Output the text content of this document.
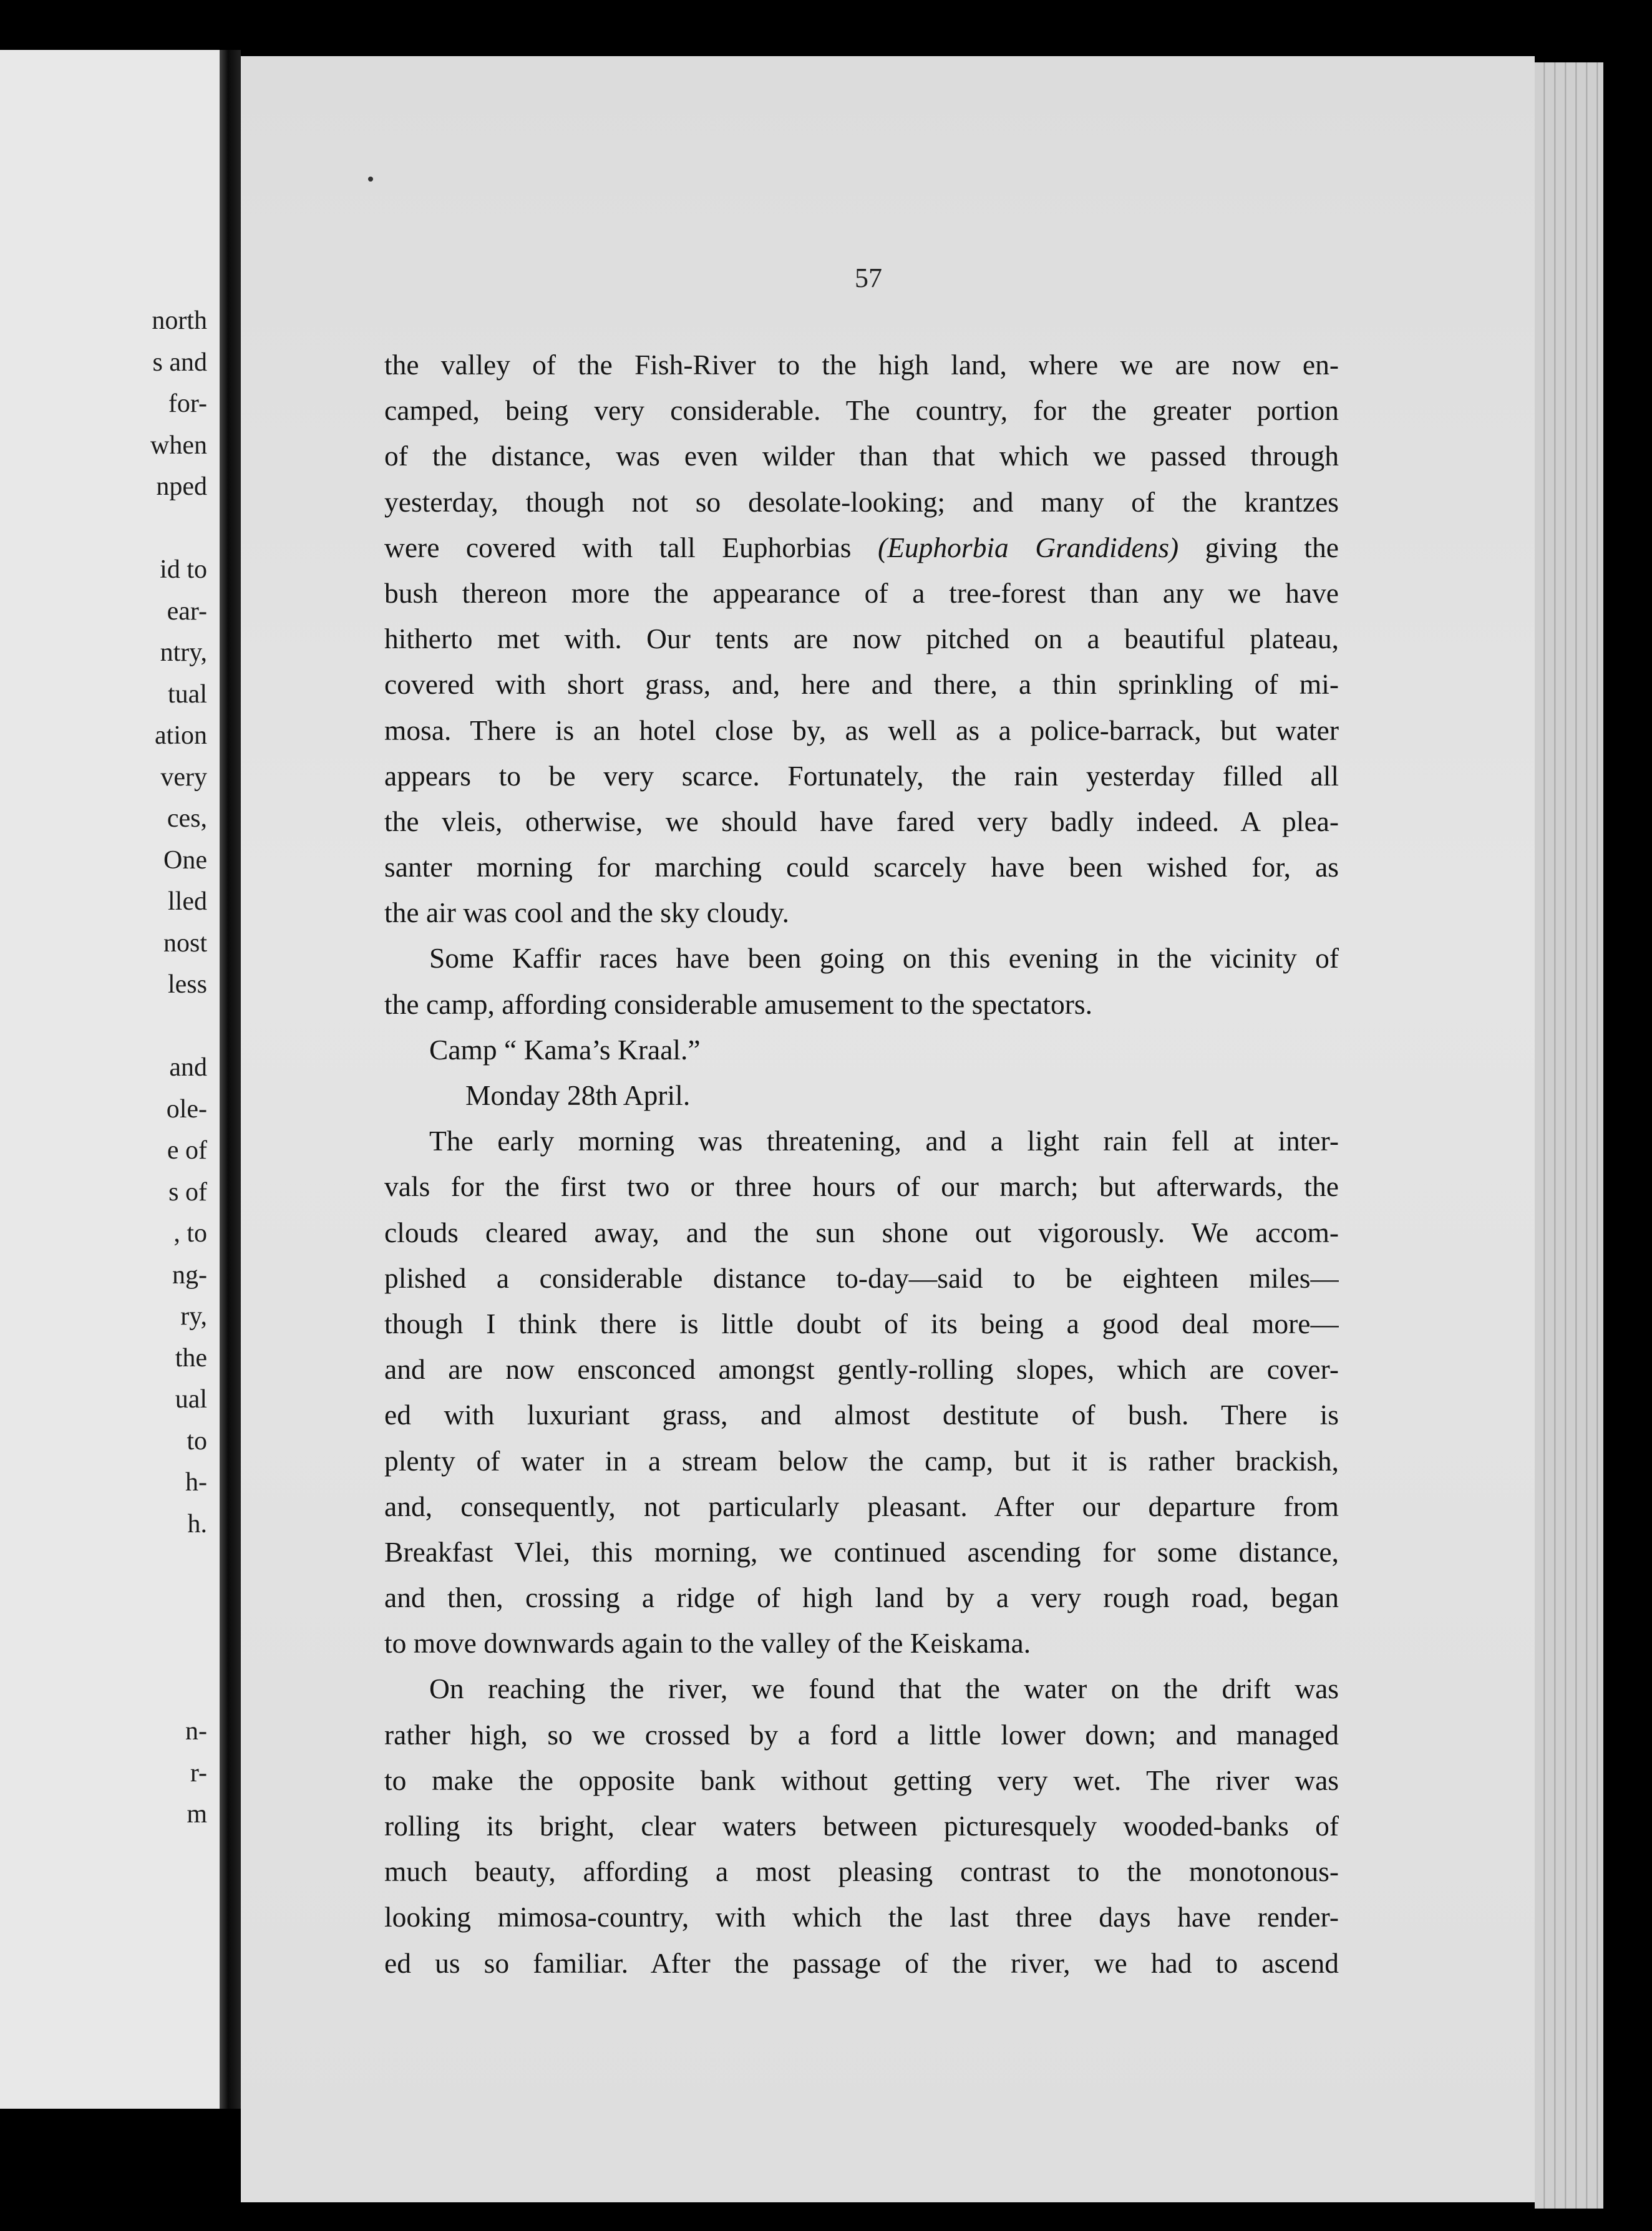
north
s and
for-
when
nped
id to
ear-
ntry,
tual
ation
very
ces,
One
lled
nost
less
and
ole-
e of
s of
, to
ng-
ry,
the
ual
to
h-
h.
n-
r-
m
57
the valley of the Fish-River to the high land, where we are now en-
camped, being very considerable. The country, for the greater portion
of the distance, was even wilder than that which we passed through
yesterday, though not so desolate-looking; and many of the krantzes
were covered with tall Euphorbias (Euphorbia Grandidens) giving the
bush thereon more the appearance of a tree-forest than any we have
hitherto met with. Our tents are now pitched on a beautiful plateau,
covered with short grass, and, here and there, a thin sprinkling of mi-
mosa. There is an hotel close by, as well as a police-barrack, but water
appears to be very scarce. Fortunately, the rain yesterday filled all
the vleis, otherwise, we should have fared very badly indeed. A plea-
santer morning for marching could scarcely have been wished for, as
the air was cool and the sky cloudy.
Some Kaffir races have been going on this evening in the vicinity of
the camp, affording considerable amusement to the spectators.
Camp “ Kama’s Kraal.”
Monday 28th April.
The early morning was threatening, and a light rain fell at inter-
vals for the first two or three hours of our march; but afterwards, the
clouds cleared away, and the sun shone out vigorously. We accom-
plished a considerable distance to-day—said to be eighteen miles—
though I think there is little doubt of its being a good deal more—
and are now ensconced amongst gently-rolling slopes, which are cover-
ed with luxuriant grass, and almost destitute of bush. There is
plenty of water in a stream below the camp, but it is rather brackish,
and, consequently, not particularly pleasant. After our departure from
Breakfast Vlei, this morning, we continued ascending for some distance,
and then, crossing a ridge of high land by a very rough road, began
to move downwards again to the valley of the Keiskama.
On reaching the river, we found that the water on the drift was
rather high, so we crossed by a ford a little lower down; and managed
to make the opposite bank without getting very wet. The river was
rolling its bright, clear waters between picturesquely wooded-banks of
much beauty, affording a most pleasing contrast to the monotonous-
looking mimosa-country, with which the last three days have render-
ed us so familiar. After the passage of the river, we had to ascend
